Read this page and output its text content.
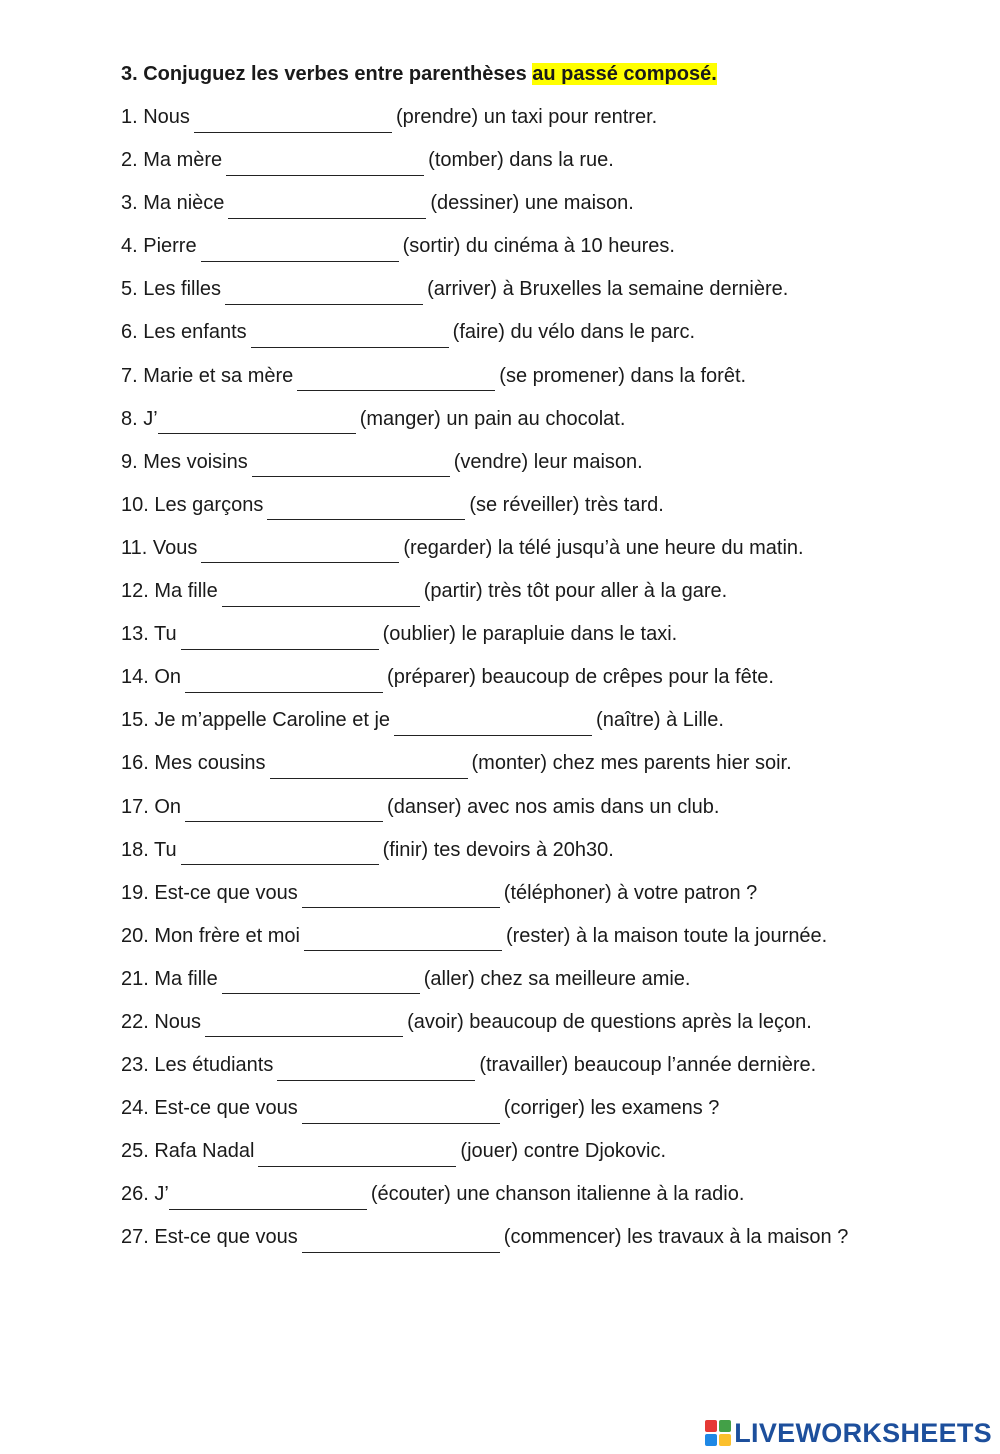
3. Conjuguez les verbes entre parenthèses au passé composé.

1. Nous	(prendre) un taxi pour rentrer.
2. Ma mère	(tomber) dans la rue.
3. Ma nièce	(dessiner) une maison.
4. Pierre	(sortir) du cinéma à 10 heures.
5. Les filles	(arriver) à Bruxelles la semaine dernière.
6. Les enfants	(faire) du vélo dans le parc.
7. Marie et sa mère	(se promener) dans la forêt.
8. J’	(manger) un pain au chocolat.
9. Mes voisins	(vendre) leur maison.
10. Les garçons	(se réveiller) très tard.
11. Vous	(regarder) la télé jusqu’à une heure du matin.
12. Ma fille	(partir) très tôt pour aller à la gare.
13. Tu	(oublier) le parapluie dans le taxi.
14. On	(préparer) beaucoup de crêpes pour la fête.
15. Je m’appelle Caroline et je	(naître) à Lille.
16. Mes cousins	(monter) chez mes parents hier soir.
17. On	(danser) avec nos amis dans un club.
18. Tu	(finir) tes devoirs à 20h30.
19. Est-ce que vous	(téléphoner) à votre patron ?
20. Mon frère et moi	(rester) à la maison toute la journée.
21. Ma fille	(aller) chez sa meilleure amie.
22. Nous	(avoir) beaucoup de questions après la leçon.
23. Les étudiants	(travailler) beaucoup l’année dernière.
24. Est-ce que vous	(corriger) les examens ?
25. Rafa Nadal	(jouer) contre Djokovic.
26. J’	(écouter) une chanson italienne à la radio.
27. Est-ce que vous	(commencer) les travaux à la maison ?
LIVEWORKSHEETS
